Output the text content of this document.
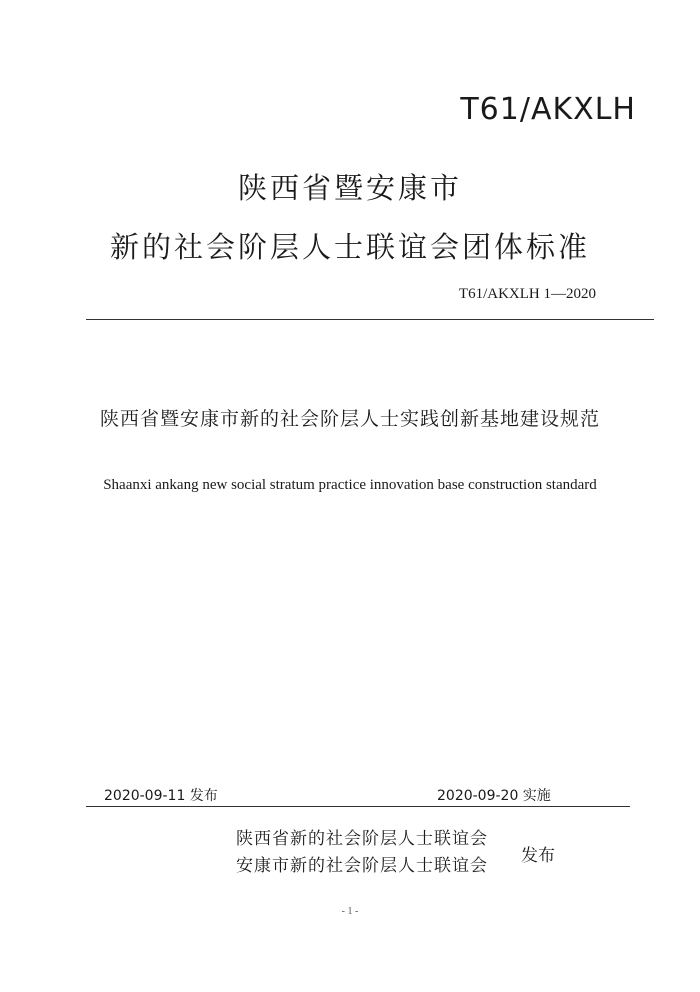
T61/AKXLH
陕西省暨安康市
新的社会阶层人士联谊会团体标准
T61/AKXLH 1—2020
陕西省暨安康市新的社会阶层人士实践创新基地建设规范
Shaanxi ankang new social stratum practice innovation base construction standard
2020-09-11 发布	2020-09-20 实施
陕西省新的社会阶层人士联谊会
安康市新的社会阶层人士联谊会 发布
- 1 -
